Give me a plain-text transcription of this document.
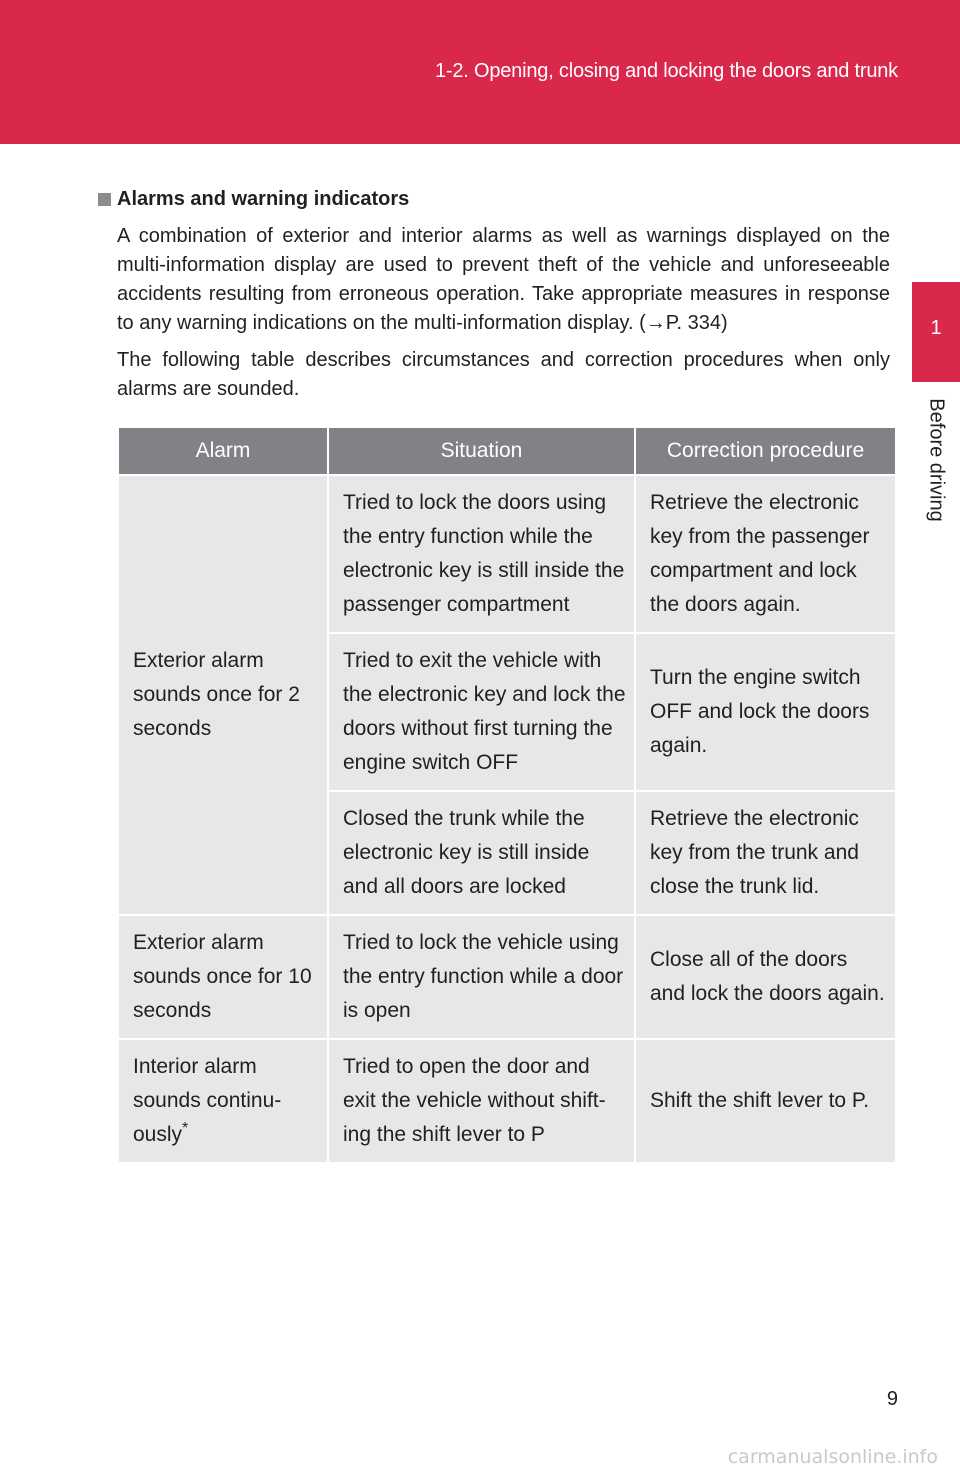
1-2. Opening, closing and locking the doors and trunk
1
Before driving
Alarms and warning indicators
A combination of exterior and interior alarms as well as warnings displayed on the multi-information display are used to prevent theft of the vehicle and unforeseeable accidents resulting from erroneous operation. Take appropriate measures in response to any warning indications on the multi-information display. (→P. 334)
The following table describes circumstances and correction procedures when only alarms are sounded.
Alarm	Situation	Correction procedure
Exterior alarm sounds once for 2 seconds	Tried to lock the doors using the entry function while the electronic key is still inside the passenger compartment	Retrieve the electronic key from the passenger compartment and lock the doors again.
	Tried to exit the vehicle with the electronic key and lock the doors without first turning the engine switch OFF	Turn the engine switch OFF and lock the doors again.
	Closed the trunk while the electronic key is still inside and all doors are locked	Retrieve the electronic key from the trunk and close the trunk lid.
Exterior alarm sounds once for 10 seconds	Tried to lock the vehicle using the entry function while a door is open	Close all of the doors and lock the doors again.
Interior alarm sounds continu-ously*	Tried to open the door and exit the vehicle without shift-ing the shift lever to P	Shift the shift lever to P.
9
carmanualsonline.info
